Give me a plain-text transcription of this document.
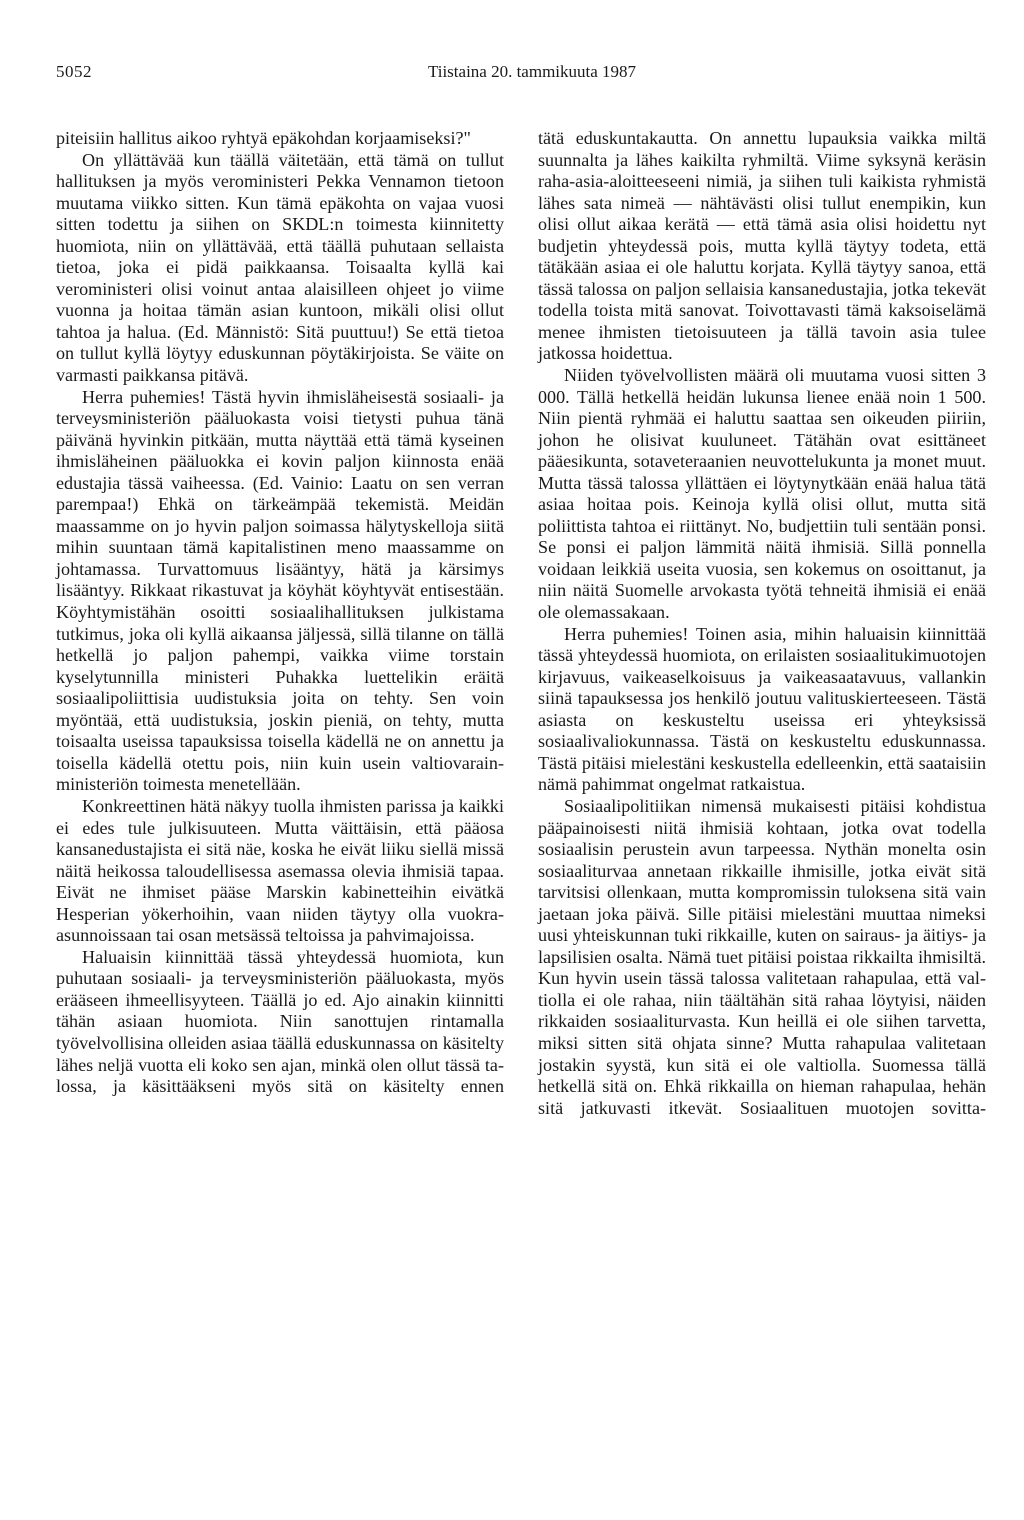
5052	Tiistaina 20. tammikuuta 1987

piteisiin hallitus aikoo ryhtyä epäkohdan korjaamiseksi?"

On yllättävää kun täällä väitetään, että tämä on tullut hallituksen ja myös verоministeri Pekka Vennamon tietoon muutama viikko sitten. Kun tämä epäkohta on vajaa vuosi sitten todettu ja siihen on SKDL:n toimesta kiinnitetty huomiota, niin on yllättävää, että täällä puhutaan sellaista tietoa, joka ei pidä paikkaansa. Toisaalta kyllä kai verоministeri olisi voinut antaa alaisilleen ohjeet jo viime vuonna ja hoitaa tämän asian kuntoon, mikäli olisi ollut tahtoa ja halua. (Ed. Männistö: Sitä puuttuu!) Se että tietoa on tullut kyllä löytyy eduskunnan pöytäkirjoista. Se väite on varmasti paikkansa pitävä.

Herra puhemies! Tästä hyvin ihmisläheisestä sosiaali- ja terveysministeriön pääluokasta voisi tietysti puhua tänä päivänä hyvinkin pitkään, mutta näyttää että tämä kyseinen ihmisläheinen pääluokka ei kovin paljon kiinnosta enää edustajia tässä vaiheessa. (Ed. Vainio: Laatu on sen verran parempaa!) Ehkä on tärkeämpää tekemistä. Meidän maassamme on jo hyvin paljon soimassa hälytyskelloja siitä mihin suuntaan tämä kapitalistinen meno maassamme on johtamassa. Turvattomuus lisääntyy, hätä ja kärsimys lisääntyy. Rikkaat rikastuvat ja köyhät köyhtyvät entisestään. Köyhtymistähän osoitti sosiaalihallituksen julkistama tutkimus, joka oli kyllä aikaansa jäljessä, sillä tilanne on tällä hetkellä jo paljon pahempi, vaikka viime torstain kyselytunnilla ministeri Puhakka luettelikin eräitä sosiaalipoliittisia uudistuksia joita on tehty. Sen voin myöntää, että uudistuksia, joskin pieniä, on tehty, mutta toisaalta useissa tapauksissa toisella kädellä ne on annettu ja toisella kädellä otettu pois, niin kuin usein valtiovarainministeriön toimesta menetellään.

Konkreettinen hätä näkyy tuolla ihmisten parissa ja kaikki ei edes tule julkisuuteen. Mutta väittäisin, että pääosa kansanedustajista ei sitä näe, koska he eivät liiku siellä missä näitä heikossa taloudellisessa asemassa olevia ihmisiä tapaa. Eivät ne ihmiset pääse Marskin kabinetteihin eivätkä Hesperian yökerhoihin, vaan niiden täytyy olla vuokra-asunnoissaan tai osan metsässä teltoissa ja pahvimajoissa.

Haluaisin kiinnittää tässä yhteydessä huomiota, kun puhutaan sosiaali- ja terveysministeriön pääluokasta, myös erääseen ihmeellisyyteen. Täällä jo ed. Ajo ainakin kiinnitti tähän asiaan huomiota. Niin sanottujen rintamalla työvelvollisina olleiden asiaa täällä eduskunnassa on käsitelty lähes neljä vuotta eli koko sen ajan, minkä olen ollut tässä talossa, ja käsittääkseni myös sitä on käsitelty ennen

tätä eduskuntakautta. On annettu lupauksia vaikka miltä suunnalta ja lähes kaikilta ryhmiltä. Viime syksynä keräsin raha-asia-aloitteeseeni nimiä, ja siihen tuli kaikista ryhmistä lähes sata nimeä — nähtävästi olisi tullut enempikin, kun olisi ollut aikaa kerätä — että tämä asia olisi hoidettu nyt budjetin yhteydessä pois, mutta kyllä täytyy todeta, että tätäkään asiaa ei ole haluttu korjata. Kyllä täytyy sanoa, että tässä talossa on paljon sellaisia kansanedustajia, jotka tekevät todella toista mitä sanovat. Toivottavasti tämä kaksoiselämä menee ihmisten tietoisuuteen ja tällä tavoin asia tulee jatkossa hoidettua.

Niiden työvelvollisten määrä oli muutama vuosi sitten 3 000. Tällä hetkellä heidän lukunsa lienee enää noin 1 500. Niin pientä ryhmää ei haluttu saattaa sen oikeuden piiriin, johon he olisivat kuuluneet. Tätähän ovat esittäneet pääesikunta, sotaveteraanien neuvottelukunta ja monet muut. Mutta tässä talossa yllättäen ei löytynytkään enää halua tätä asiaa hoitaa pois. Keinoja kyllä olisi ollut, mutta sitä poliittista tahtoa ei riittänyt. No, budjettiin tuli sentään ponsi. Se ponsi ei paljon lämmitä näitä ihmisiä. Sillä ponnella voidaan leikkiä useita vuosia, sen kokemus on osoittanut, ja niin näitä Suomelle arvokasta työtä tehneitä ihmisiä ei enää ole olemassakaan.

Herra puhemies! Toinen asia, mihin haluaisin kiinnittää tässä yhteydessä huomiota, on erilaisten sosiaalitukimuotojen kirjavuus, vaikeaselkoisuus ja vaikeasaatavuus, vallankin siinä tapauksessa jos henkilö joutuu valituskierteeseen. Tästä asiasta on keskusteltu useissa eri yhteyksissä sosiaalivaliokunnassa. Tästä on keskusteltu eduskunnassa. Tästä pitäisi mielestäni keskustella edelleenkin, että saataisiin nämä pahimmat ongelmat ratkaistua.

Sosiaalipolitiikan nimensä mukaisesti pitäisi kohdistua pääpainoisesti niitä ihmisiä kohtaan, jotka ovat todella sosiaalisin perustein avun tarpeessa. Nythän monelta osin sosiaaliturvaa annetaan rikkaille ihmisille, jotka eivät sitä tarvitsisi ollenkaan, mutta kompromissin tuloksena sitä vain jaetaan joka päivä. Sille pitäisi mielestäni muuttaa nimeksi uusi yhteiskunnan tuki rikkaille, kuten on sairaus- ja äitiys- ja lapsilisien osalta. Nämä tuet pitäisi poistaa rikkailta ihmisiltä. Kun hyvin usein tässä talossa valitetaan rahapulaa, että valtiolla ei ole rahaa, niin täältähän sitä rahaa löytyisi, näiden rikkaiden sosiaaliturvasta. Kun heillä ei ole siihen tarvetta, miksi sitten sitä ohjata sinne? Mutta rahapulaa valitetaan jostakin syystä, kun sitä ei ole valtiolla. Suomessa tällä hetkellä sitä on. Ehkä rikkailla on hieman rahapulaa, hehän sitä jatkuvasti itkevät. Sosiaalituen muotojen sovitta-
